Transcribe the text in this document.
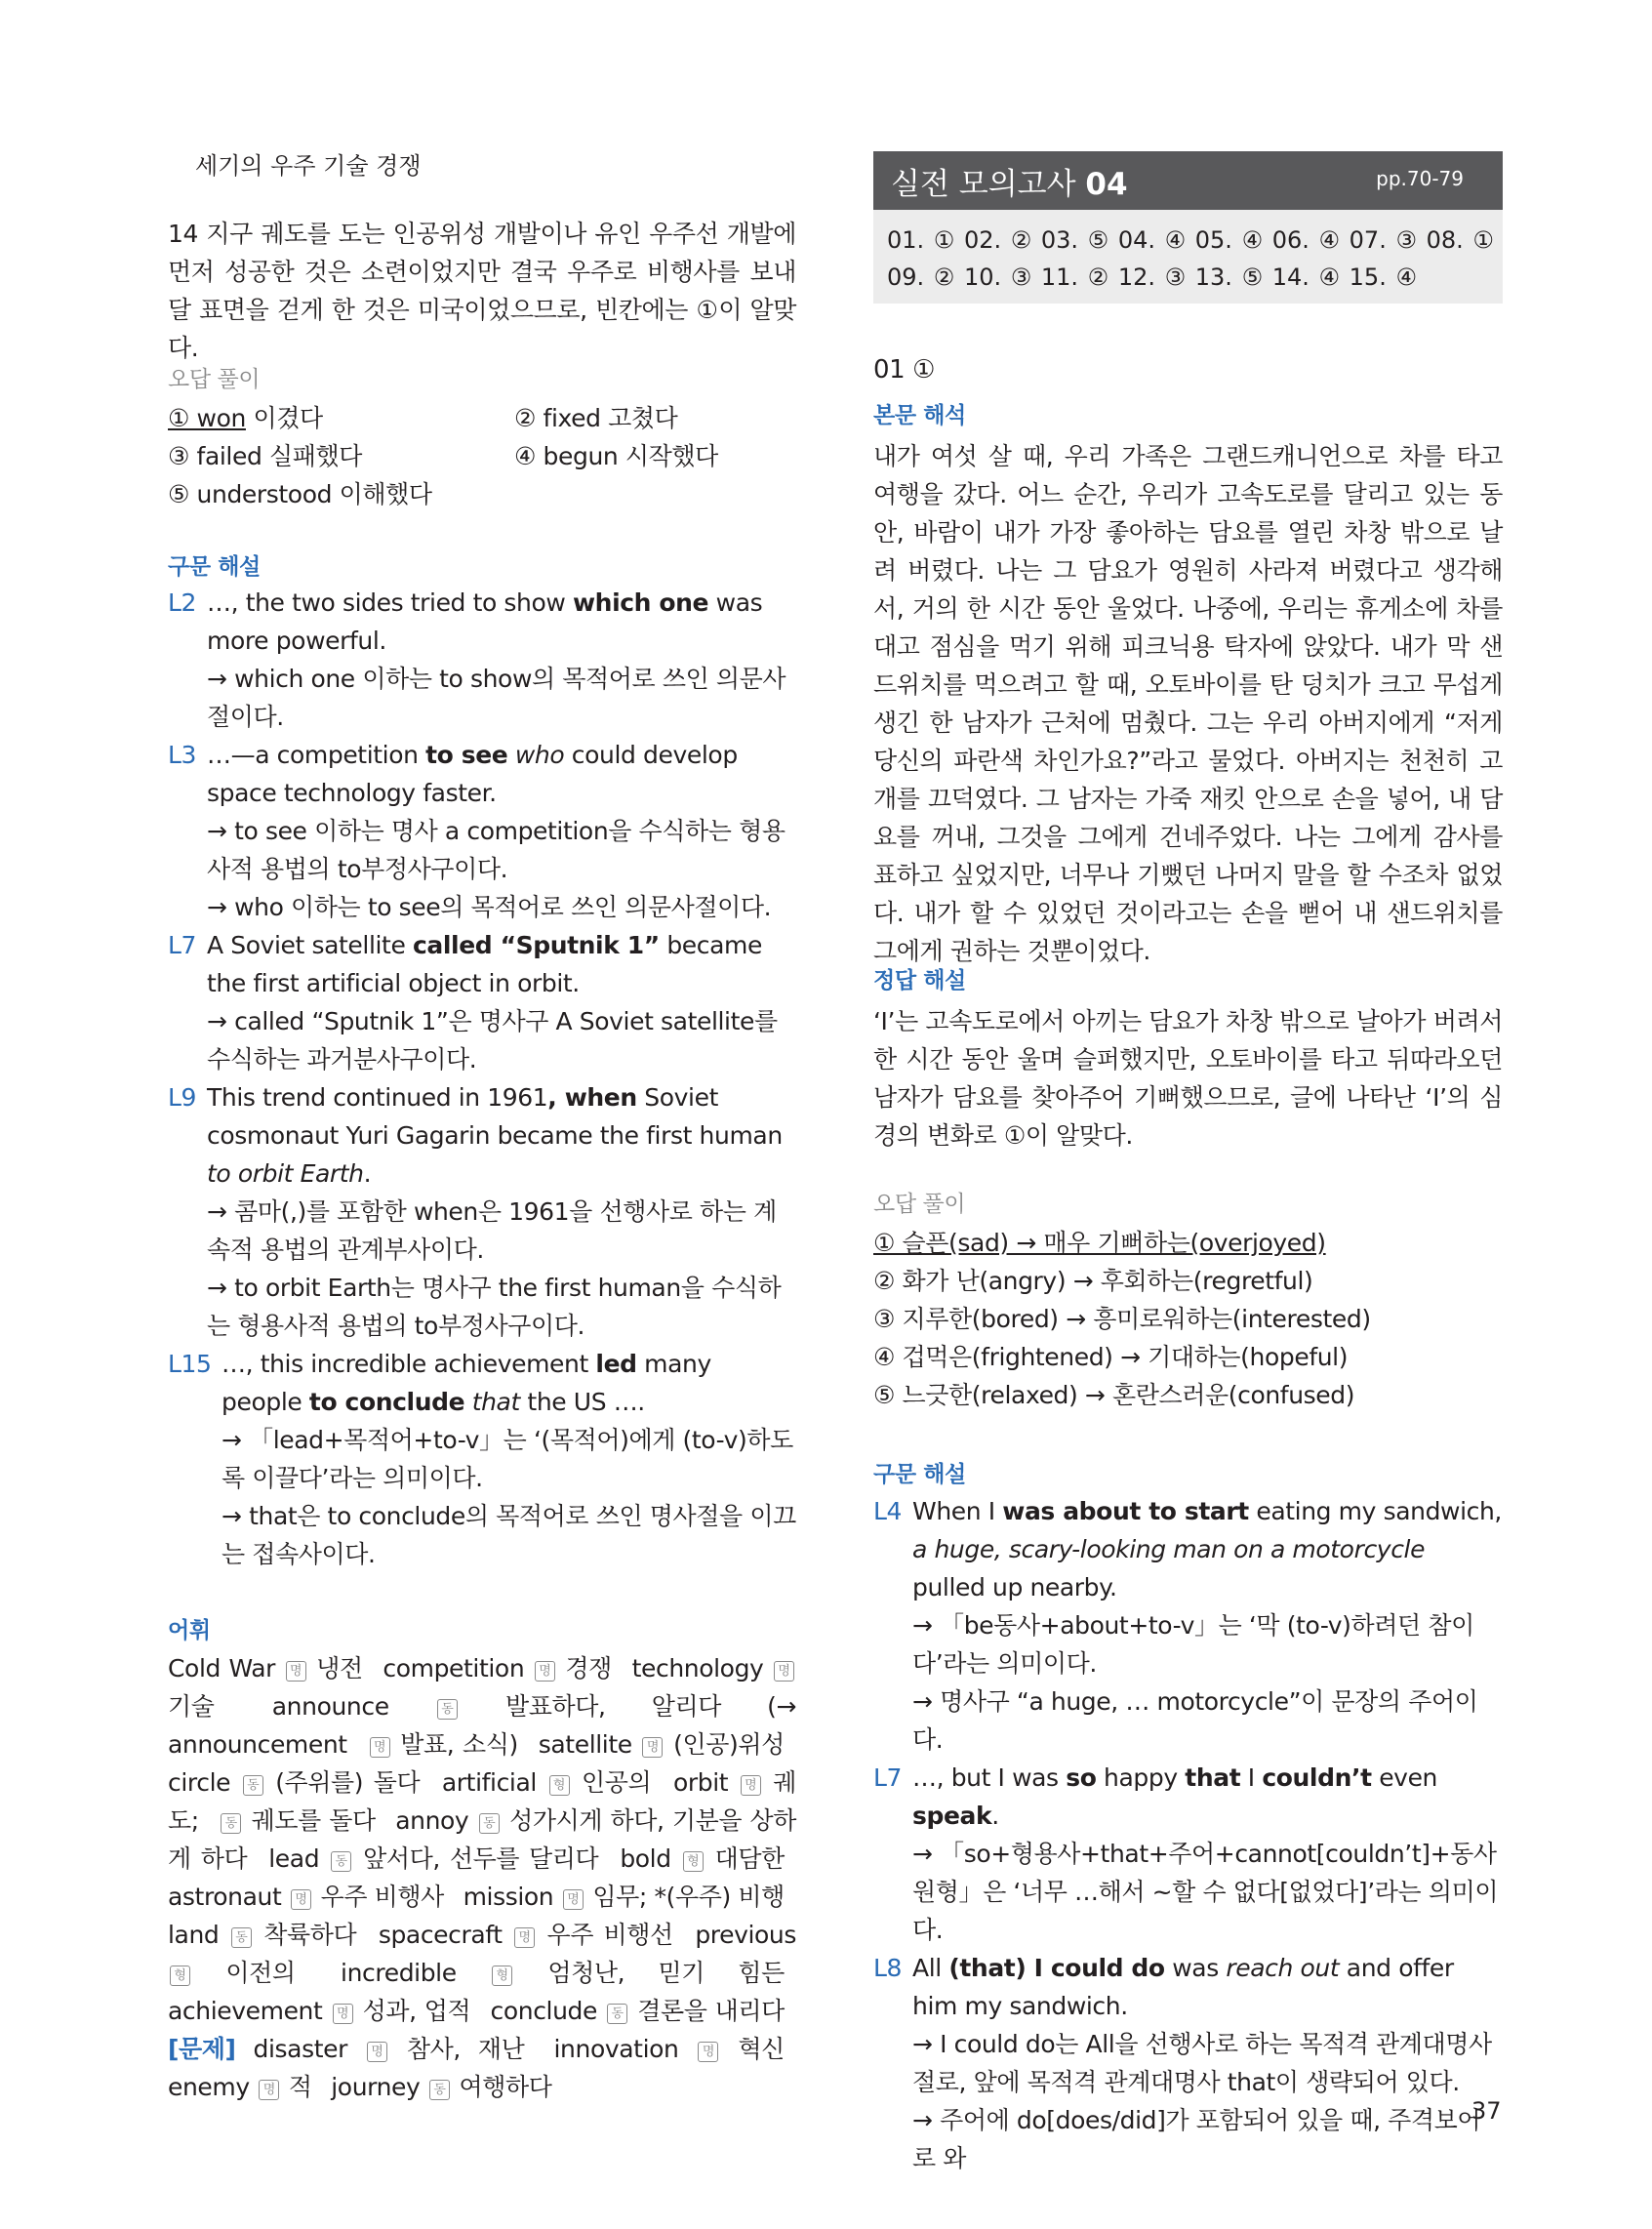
세기의 우주 기술 경쟁

14 지구 궤도를 도는 인공위성 개발이나 유인 우주선 개발에 먼저 성공한 것은 소련이었지만 결국 우주로 비행사를 보내 달 표면을 걷게 한 것은 미국이었으므로, 빈칸에는 ①이 알맞다.

오답 풀이

① won 이겼다	② fixed 고쳤다
③ failed 실패했다	④ begun 시작했다
⑤ understood 이해했다

구문 해설

L2 …, the two sides tried to show which one was more powerful.
→ which one 이하는 to show의 목적어로 쓰인 의문사절이다.
L3 …—a competition to see who could develop space technology faster.
→ to see 이하는 명사 a competition을 수식하는 형용사적 용법의 to부정사구이다.
→ who 이하는 to see의 목적어로 쓰인 의문사절이다.
L7 A Soviet satellite called “Sputnik 1” became the first artificial object in orbit.
→ called “Sputnik 1”은 명사구 A Soviet satellite를 수식하는 과거분사구이다.
L9 This trend continued in 1961, when Soviet cosmonaut Yuri Gagarin became the first human to orbit Earth.
→ 콤마(,)를 포함한 when은 1961을 선행사로 하는 계속적 용법의 관계부사이다.
→ to orbit Earth는 명사구 the first human을 수식하는 형용사적 용법의 to부정사구이다.
L15 …, this incredible achievement led many people to conclude that the US ….
→ 「lead+목적어+to-v」는 ‘(목적어)에게 (to-v)하도록 이끌다’라는 의미이다.
→ that은 to conclude의 목적어로 쓰인 명사절을 이끄는 접속사이다.

어휘

Cold War 명 냉전  competition 명 경쟁  technology 명 기술  announce	동 발표하다, 알리다 (→ announcement  명 발표, 소식)  satellite 명 (인공)위성  circle 동 (주위를) 돌다  artificial 형 인공의  orbit 명 궤도;  동 궤도를 돌다  annoy 동 성가시게 하다, 기분을 상하게 하다  lead 동 앞서다, 선두를 달리다  bold 형 대담한  astronaut 명 우주 비행사  mission 명 임무; *(우주) 비행  land 동 착륙하다  spacecraft 명 우주 비행선  previous 형 이전의  incredible	형 엄청난, 믿기 힘든  achievement 명 성과, 업적  conclude 동 결론을 내리다  [문제] disaster 명 참사, 재난  innovation 명 혁신  enemy 명 적  journey 동 여행하다 
실전 모의고사 04	pp.70-79
01. ① 02. ② 03. ⑤ 04. ④ 05. ④ 06. ④ 07. ③ 08. ①
09. ② 10. ③ 11. ② 12. ③ 13. ⑤ 14. ④ 15. ④

01 ①

본문 해석

내가 여섯 살 때, 우리 가족은 그랜드캐니언으로 차를 타고 여행을 갔다. 어느 순간, 우리가 고속도로를 달리고 있는 동안, 바람이 내가 가장 좋아하는 담요를 열린 차창 밖으로 날려 버렸다. 나는 그 담요가 영원히 사라져 버렸다고 생각해서, 거의 한 시간 동안 울었다. 나중에, 우리는 휴게소에 차를 대고 점심을 먹기 위해 피크닉용 탁자에 앉았다. 내가 막 샌드위치를 먹으려고 할 때, 오토바이를 탄 덩치가 크고 무섭게 생긴 한 남자가 근처에 멈췄다. 그는 우리 아버지에게 “저게 당신의 파란색 차인가요?”라고 물었다. 아버지는 천천히 고개를 끄덕였다. 그 남자는 가죽 재킷 안으로 손을 넣어, 내 담요를 꺼내, 그것을 그에게 건네주었다. 나는 그에게 감사를 표하고 싶었지만, 너무나 기뻤던 나머지 말을 할 수조차 없었다. 내가 할 수 있었던 것이라고는 손을 뻗어 내 샌드위치를 그에게 권하는 것뿐이었다.

정답 해설

‘I’는 고속도로에서 아끼는 담요가 차창 밖으로 날아가 버려서 한 시간 동안 울며 슬퍼했지만, 오토바이를 타고 뒤따라오던 남자가 담요를 찾아주어 기뻐했으므로, 글에 나타난 ‘I’의 심경의 변화로 ①이 알맞다.

오답 풀이

① 슬픈(sad) → 매우 기뻐하는(overjoyed)
② 화가 난(angry) → 후회하는(regretful)
③ 지루한(bored) → 흥미로워하는(interested)
④ 겁먹은(frightened) → 기대하는(hopeful)
⑤ 느긋한(relaxed) → 혼란스러운(confused)

구문 해설

L4 When I was about to start eating my sandwich, a huge, scary-looking man on a motorcycle pulled up nearby.
→ 「be동사+about+to-v」는 ‘막 (to-v)하려던 참이다’라는 의미이다.
→ 명사구 “a huge, … motorcycle”이 문장의 주어이다.
L7 …, but I was so happy that I couldn’t even speak.
→ 「so+형용사+that+주어+cannot[couldn’t]+동사원형」은 ‘너무 …해서 ~할 수 없다[없었다]’라는 의미이다.
L8 All (that) I could do was reach out and offer him my sandwich.
→ I could do는 All을 선행사로 하는 목적격 관계대명사절로, 앞에 목적격 관계대명사 that이 생략되어 있다.
→ 주어에 do[does/did]가 포함되어 있을 때, 주격보어로 와
37
